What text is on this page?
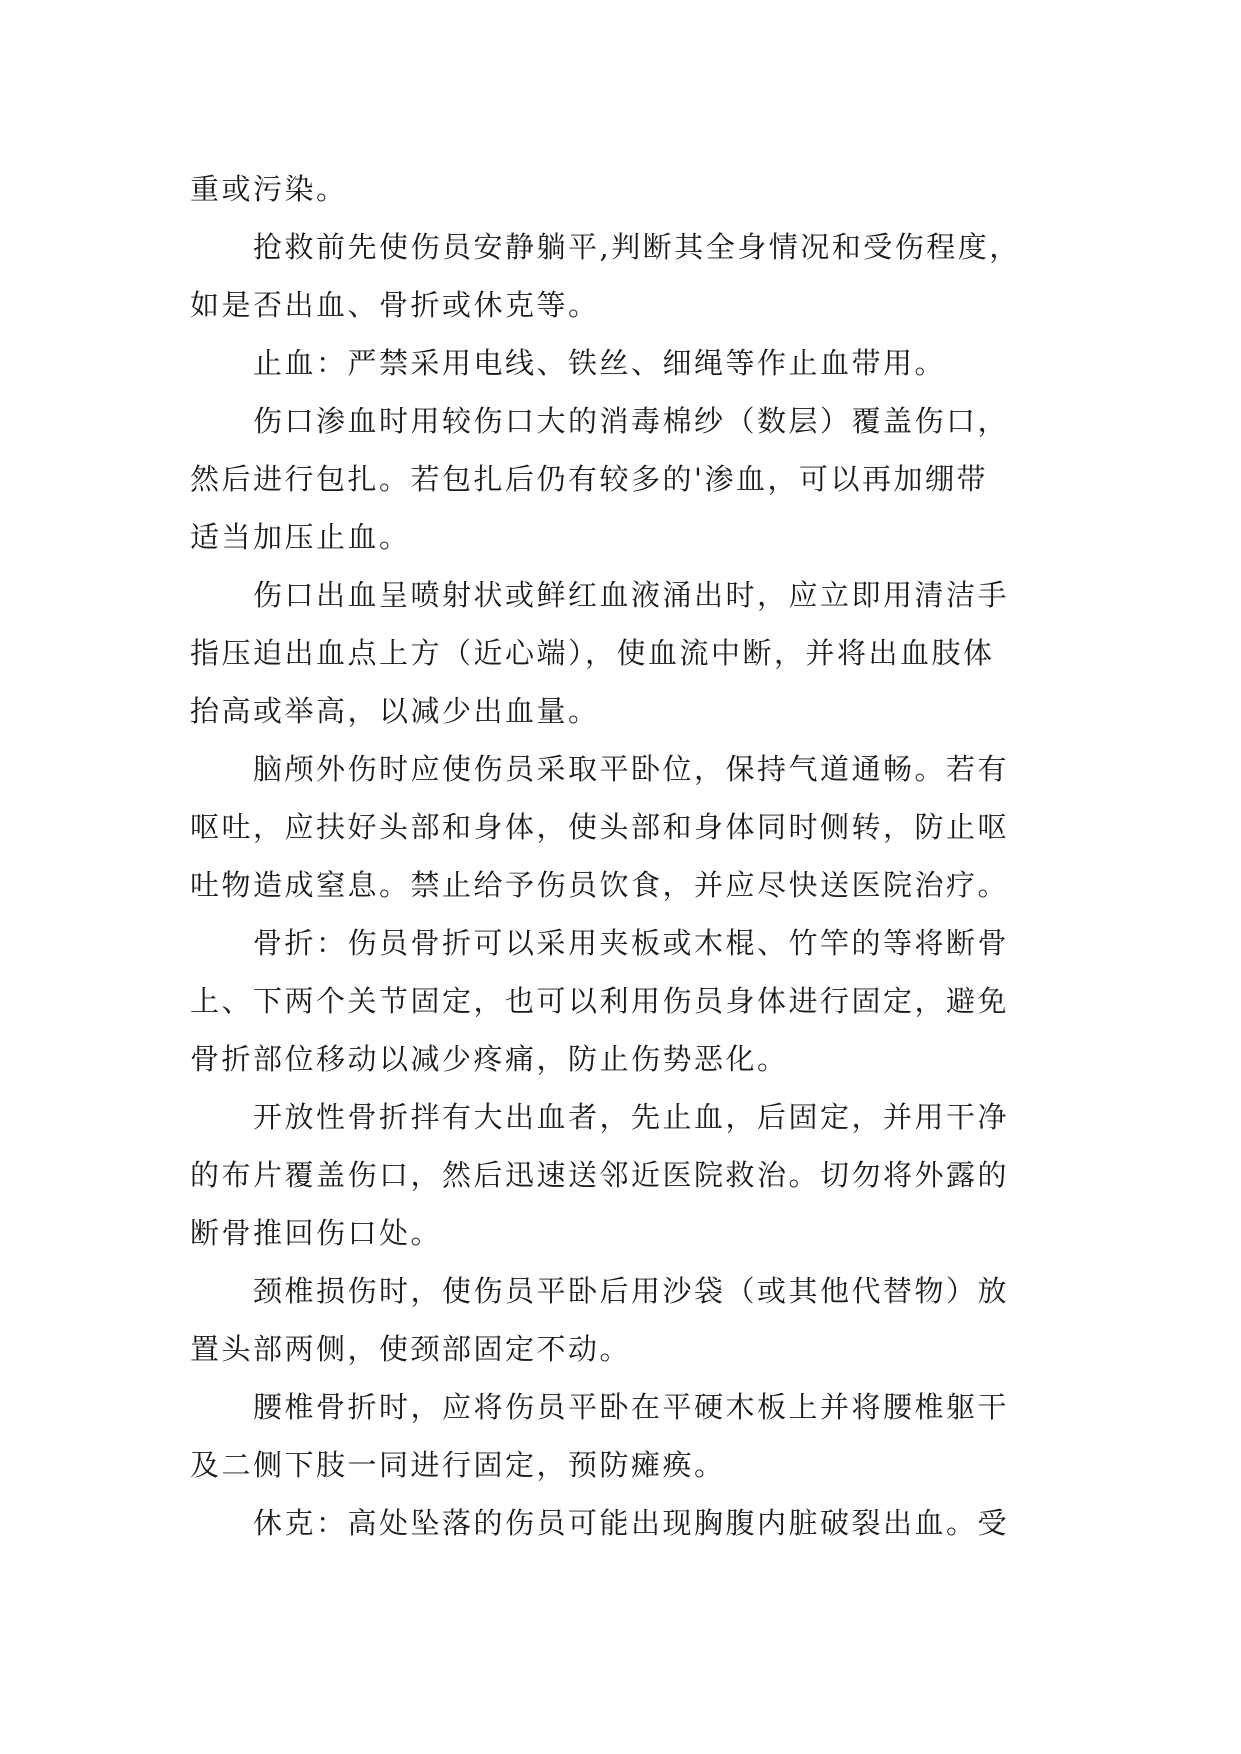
重或污染。
　　抢救前先使伤员安静躺平,判断其全身情况和受伤程度，
如是否出血、骨折或休克等。
　　止血：严禁采用电线、铁丝、细绳等作止血带用。
　　伤口渗血时用较伤口大的消毒棉纱（数层）覆盖伤口，
然后进行包扎。若包扎后仍有较多的'渗血，可以再加绷带
适当加压止血。
　　伤口出血呈喷射状或鲜红血液涌出时，应立即用清洁手
指压迫出血点上方（近心端），使血流中断，并将出血肢体
抬高或举高，以减少出血量。
　　脑颅外伤时应使伤员采取平卧位，保持气道通畅。若有
呕吐，应扶好头部和身体，使头部和身体同时侧转，防止呕
吐物造成窒息。禁止给予伤员饮食，并应尽快送医院治疗。
　　骨折：伤员骨折可以采用夹板或木棍、竹竿的等将断骨
上、下两个关节固定，也可以利用伤员身体进行固定，避免
骨折部位移动以减少疼痛，防止伤势恶化。
　　开放性骨折拌有大出血者，先止血，后固定，并用干净
的布片覆盖伤口，然后迅速送邻近医院救治。切勿将外露的
断骨推回伤口处。
　　颈椎损伤时，使伤员平卧后用沙袋（或其他代替物）放
置头部两侧，使颈部固定不动。
　　腰椎骨折时，应将伤员平卧在平硬木板上并将腰椎躯干
及二侧下肢一同进行固定，预防瘫痪。
　　休克：高处坠落的伤员可能出现胸腹内脏破裂出血。受
